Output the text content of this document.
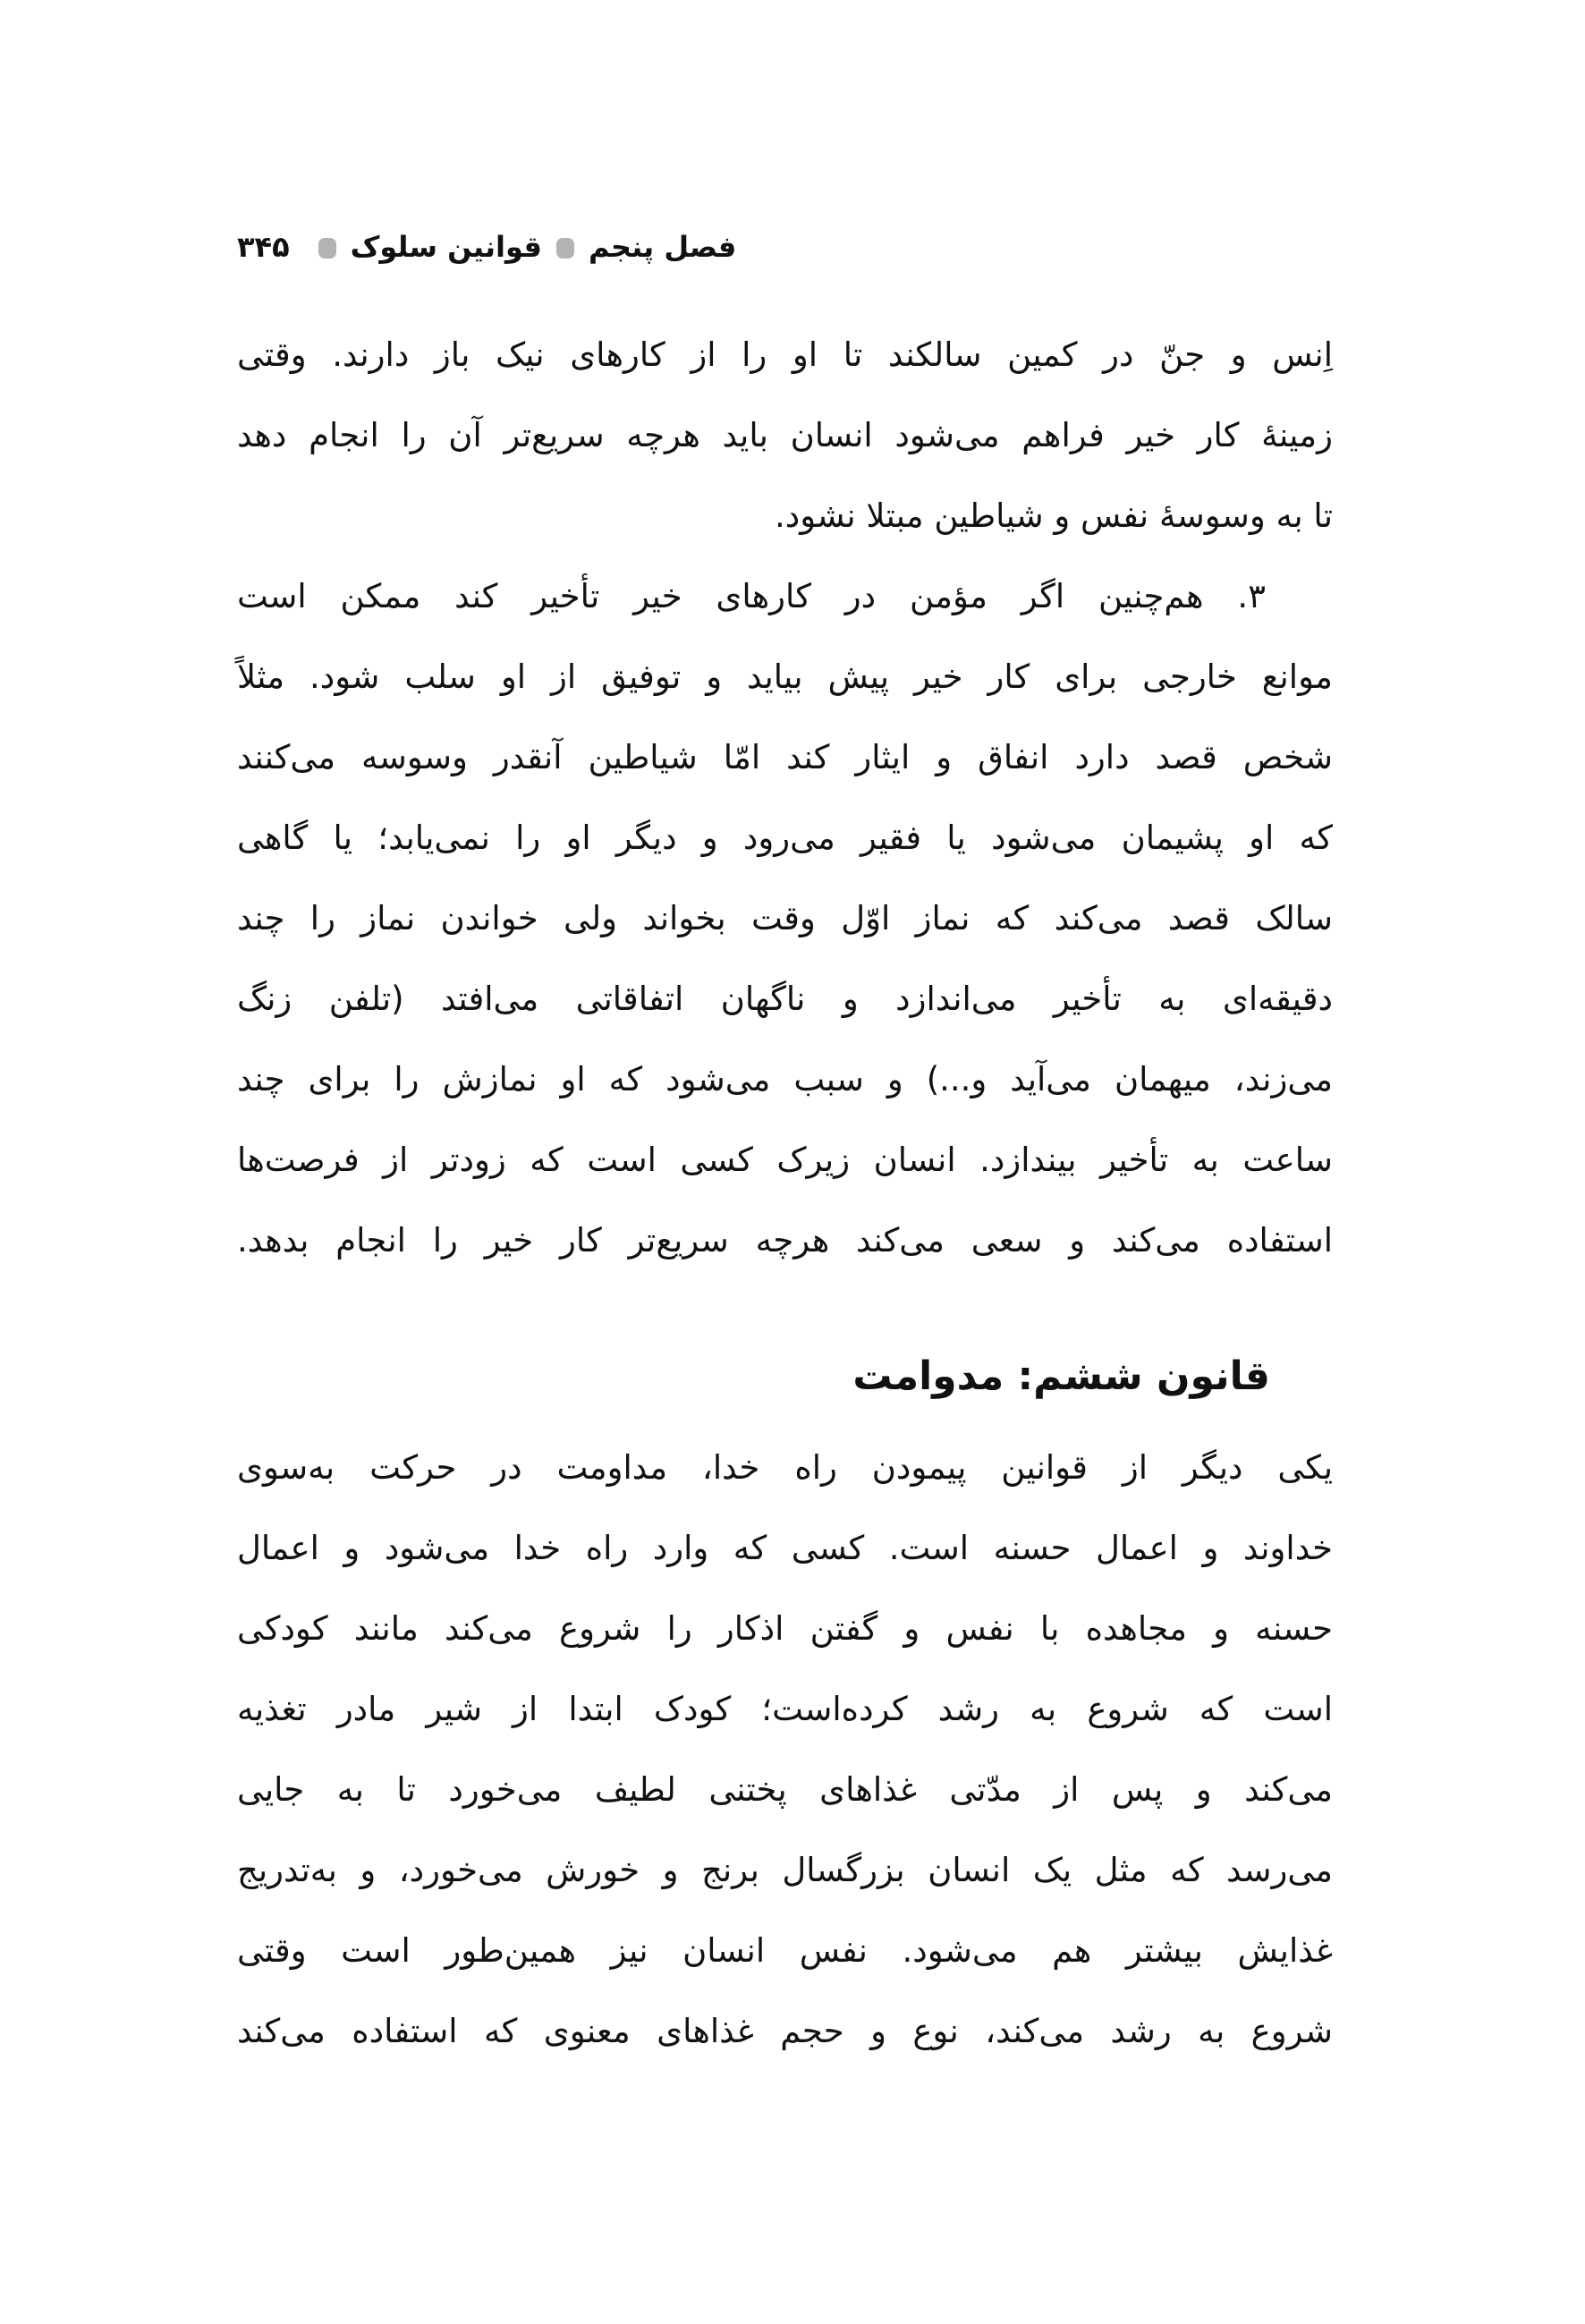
فصل پنجمقوانین سلوک۳۴۵
اِنس و جنّ در کمین سالکند تا او را از کارهای نیک باز دارند. وقتی
زمینهٔ کار خیر فراهم می‌شود انسان باید هرچه سریع‌تر آن را انجام دهد
تا به وسوسهٔ نفس و شیاطین مبتلا نشود.
۳. هم‌چنین اگر مؤمن در کارهای خیر تأخیر کند ممکن است
موانع خارجی برای کار خیر پیش بیاید و توفیق از او سلب شود. مثلاً
شخص قصد دارد انفاق و ایثار کند امّا شیاطین آنقدر وسوسه می‌کنند
که او پشیمان می‌شود یا فقیر می‌رود و دیگر او را نمی‌یابد؛ یا گاهی
سالک قصد می‌کند که نماز اوّل وقت بخواند ولی خواندن نماز را چند
دقیقه‌ای به تأخیر می‌اندازد و ناگهان اتفاقاتی می‌افتد (تلفن زنگ
می‌زند، میهمان می‌آید و...) و سبب می‌شود که او نمازش را برای چند
ساعت به تأخیر بیندازد. انسان زیرک کسی است که زودتر از فرصت‌ها
استفاده می‌کند و سعی می‌کند هرچه سریع‌تر کار خیر را انجام بدهد.
قانون ششم: مدوامت
یکی دیگر از قوانین پیمودن راه خدا، مداومت در حرکت به‌سوی
خداوند و اعمال حسنه است. کسی که وارد راه خدا می‌شود و اعمال
حسنه و مجاهده با نفس و گفتن اذکار را شروع می‌کند مانند کودکی
است که شروع به رشد کرده‌است؛ کودک ابتدا از شیر مادر تغذیه
می‌کند و پس از مدّتی غذاهای پختنی لطیف می‌خورد تا به جایی
می‌رسد که مثل یک انسان بزرگسال برنج و خورش می‌خورد، و به‌تدریج
غذایش بیشتر هم می‌شود. نفس انسان نیز همین‌طور است وقتی
شروع به رشد می‌کند، نوع و حجم غذاهای معنوی که استفاده می‌کند
